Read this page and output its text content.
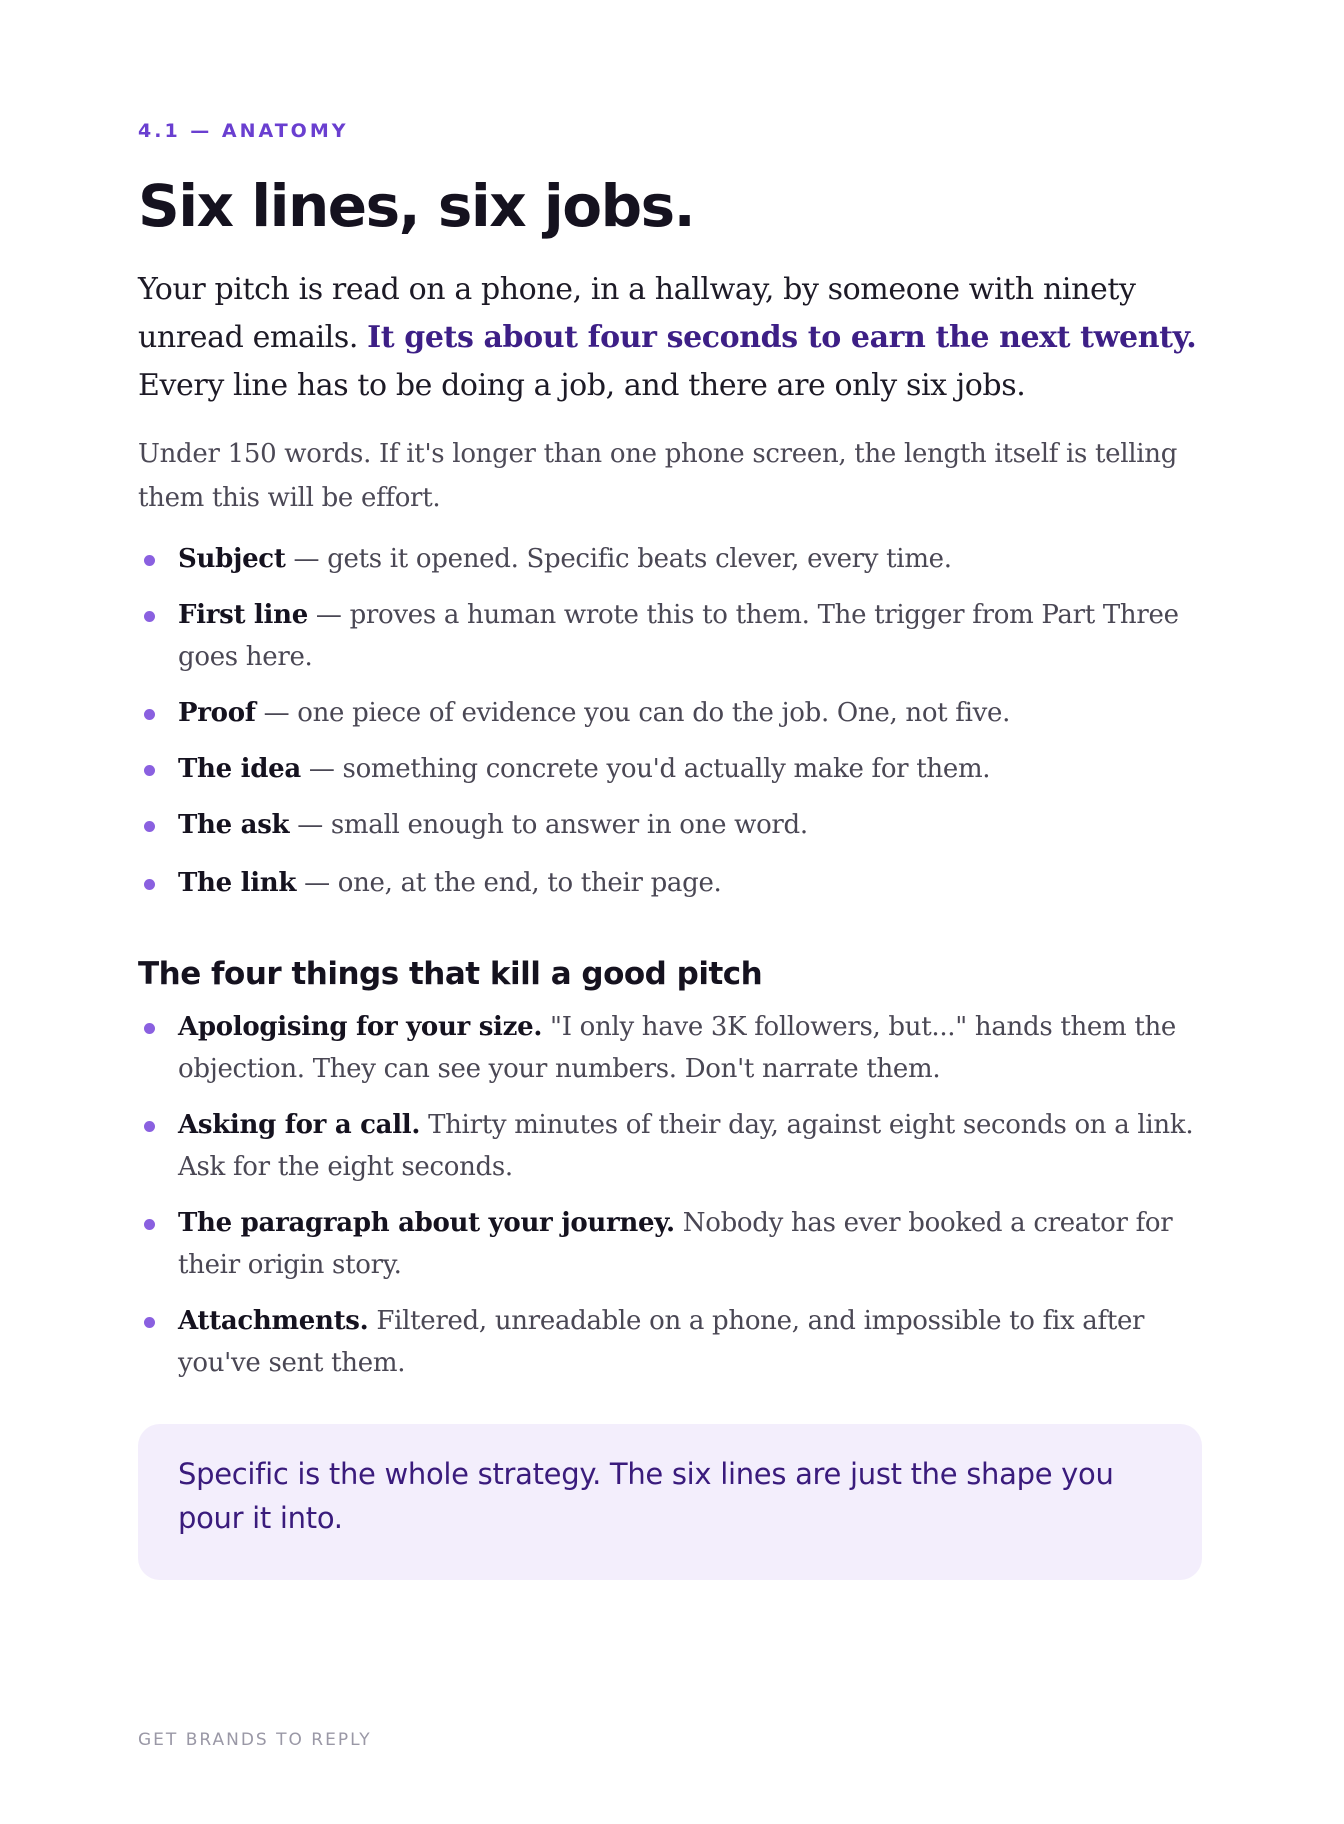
4.1 — ANATOMY
Six lines, six jobs.

Your pitch is read on a phone, in a hallway, by someone with ninety unread emails. It gets about four seconds to earn the next twenty. Every line has to be doing a job, and there are only six jobs.

Under 150 words. If it's longer than one phone screen, the length itself is telling them this will be effort.

Subject — gets it opened. Specific beats clever, every time.
First line — proves a human wrote this to them. The trigger from Part Three goes here.
Proof — one piece of evidence you can do the job. One, not five.
The idea — something concrete you'd actually make for them.
The ask — small enough to answer in one word.
The link — one, at the end, to their page.
The four things that kill a good pitch
Apologising for your size. "I only have 3K followers, but..." hands them the objection. They can see your numbers. Don't narrate them.
Asking for a call. Thirty minutes of their day, against eight seconds on a link. Ask for the eight seconds.
The paragraph about your journey. Nobody has ever booked a creator for their origin story.
Attachments. Filtered, unreadable on a phone, and impossible to fix after you've sent them.

Specific is the whole strategy. The six lines are just the shape you pour it into.

GET BRANDS TO REPLY
